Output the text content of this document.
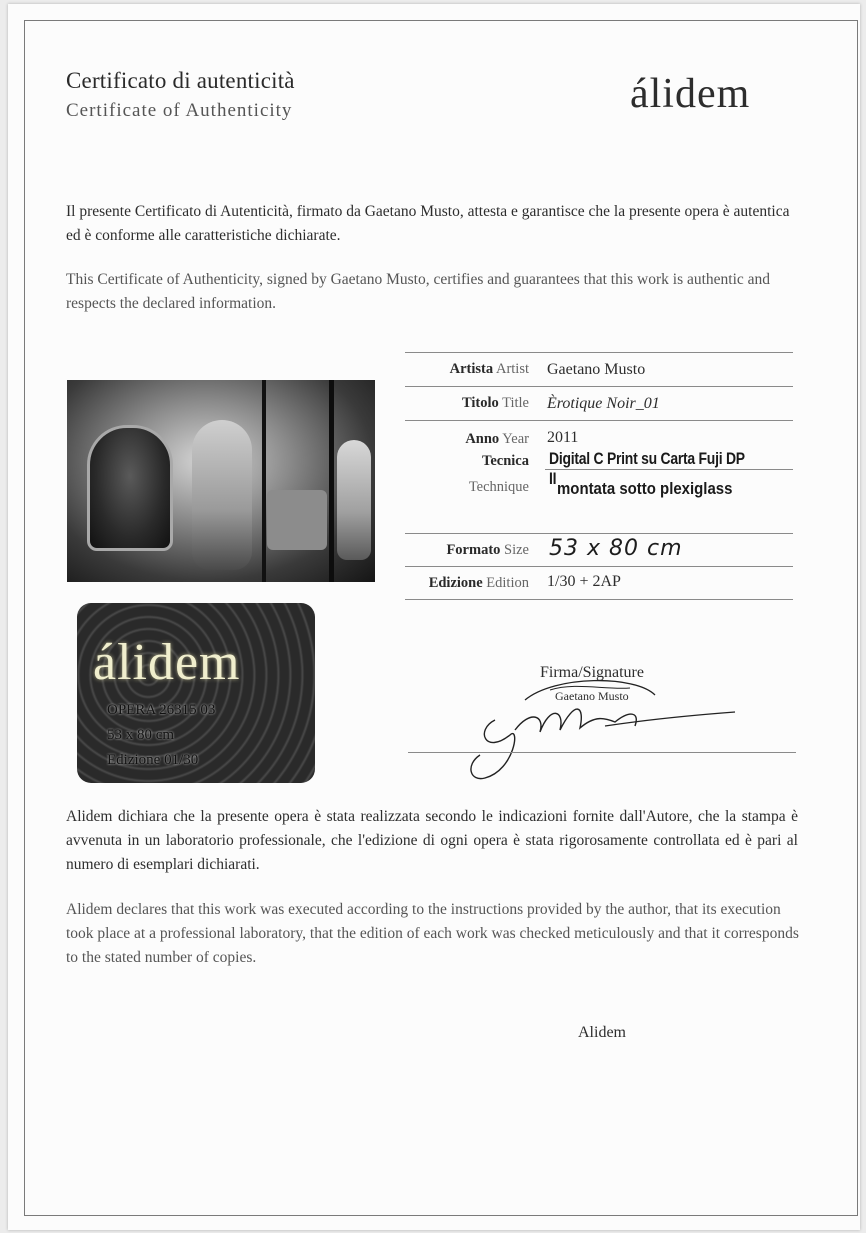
Certificato di autenticità
Certificate of Authenticity	álidem
Il presente Certificato di Autenticità, firmato da Gaetano Musto, attesta e garantisce che la presente opera è autentica ed è conforme alle caratteristiche dichiarate.
This Certificate of Authenticity, signed by Gaetano Musto, certifies and guarantees that this work is authentic and respects the declared information.
álidem
OPERA 26315 03
53 x 80 cm
Edizione 01/30
Artista Artist Gaetano Musto
Titolo Title Èrotique Noir_01
Anno Year 2011
Tecnica
Technique
Digital C Print su Carta Fuji DP II
montata sotto plexiglass
Formato Size 53 x 80 cm
Edizione Edition 1/30 + 2AP
Firma/Signature
Gaetano Musto
Alidem dichiara che la presente opera è stata realizzata secondo le indicazioni fornite dall'Autore, che la stampa è avvenuta in un laboratorio professionale, che l'edizione di ogni opera è stata rigorosamente controllata ed è pari al numero di esemplari dichiarati.
Alidem declares that this work was executed according to the instructions provided by the author, that its execution took place at a professional laboratory, that the edition of each work was checked meticulously and that it corresponds to the stated number of copies.
Alidem
